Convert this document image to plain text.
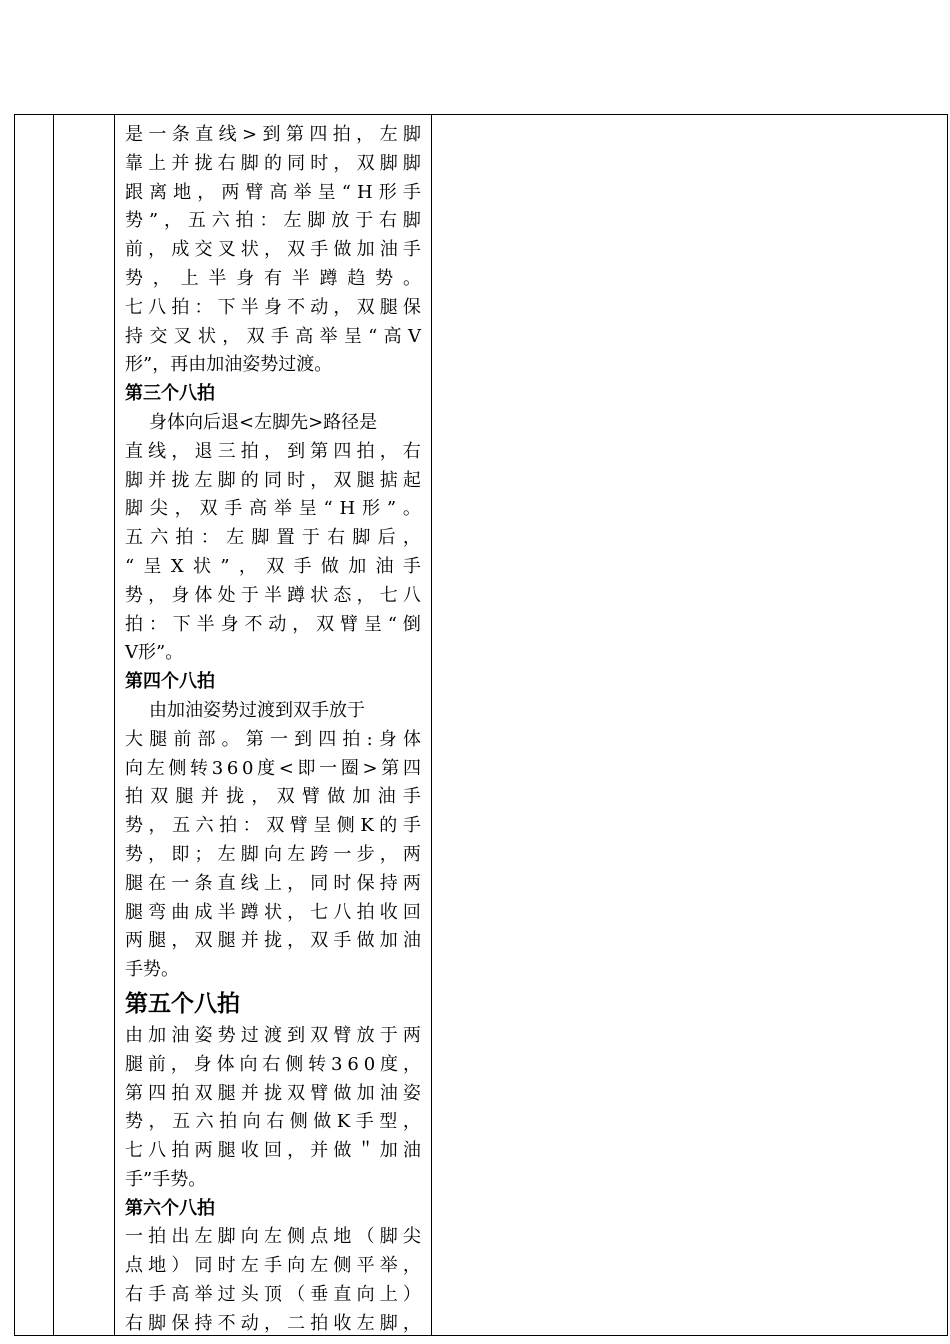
是 一 条 直 线 > 到 第 四 拍 ， 左 脚
靠 上 并 拢 右 脚 的 同 时 ， 双 脚 脚
跟 离 地 ， 两 臂 高 举 呈 “ H 形 手
势 ” ， 五 六 拍 ： 左 脚 放 于 右 脚
前 ， 成 交 叉 状 ， 双 手 做 加 油 手
势 ， 上 半 身 有 半 蹲 趋 势 。
七 八 拍 ： 下 半 身 不 动 ， 双 腿 保
持 交 叉 状 ， 双 手 高 举 呈 “ 高 V
形”，再由加油姿势过渡。
第三个八拍
身体向后退<左脚先>路径是
直 线 ， 退 三 拍 ， 到 第 四 拍 ， 右
脚 并 拢 左 脚 的 同 时 ， 双 腿 掂 起
脚 尖 ， 双 手 高 举 呈 “ H 形 ” 。
五 六 拍 ： 左 脚 置 于 右 脚 后 ，
“ 呈 X 状 ” ， 双 手 做 加 油 手
势 ， 身 体 处 于 半 蹲 状 态 ， 七 八
拍 ： 下 半 身 不 动 ， 双 臂 呈 “ 倒
V形”。
第四个八拍
由加油姿势过渡到双手放于
大 腿 前 部 。 第 一 到 四 拍 : 身 体
向 左 侧 转 3 6 0 度 < 即 一 圈 > 第 四
拍 双 腿 并 拢 ， 双 臂 做 加 油 手
势 ， 五 六 拍 ： 双 臂 呈 侧 K 的 手
势 ， 即 ； 左 脚 向 左 跨 一 步 ， 两
腿 在 一 条 直 线 上 ， 同 时 保 持 两
腿 弯 曲 成 半 蹲 状 ， 七 八 拍 收 回
两 腿 ， 双 腿 并 拢 ， 双 手 做 加 油
手势。
第五个八拍
由 加 油 姿 势 过 渡 到 双 臂 放 于 两
腿 前 ， 身 体 向 右 侧 转 3 6 0 度 ，
第 四 拍 双 腿 并 拢 双 臂 做 加 油 姿
势 ， 五 六 拍 向 右 侧 做 K 手 型 ，
七 八 拍 两 腿 收 回 ， 并 做 ＂ 加 油
手”手势。
第六个八拍
一 拍 出 左 脚 向 左 侧 点 地 （ 脚 尖
点 地 ） 同 时 左 手 向 左 侧 平 举 ，
右 手 高 举 过 头 顶 （ 垂 直 向 上 ）
右 脚 保 持 不 动 ， 二 拍 收 左 脚 ，
